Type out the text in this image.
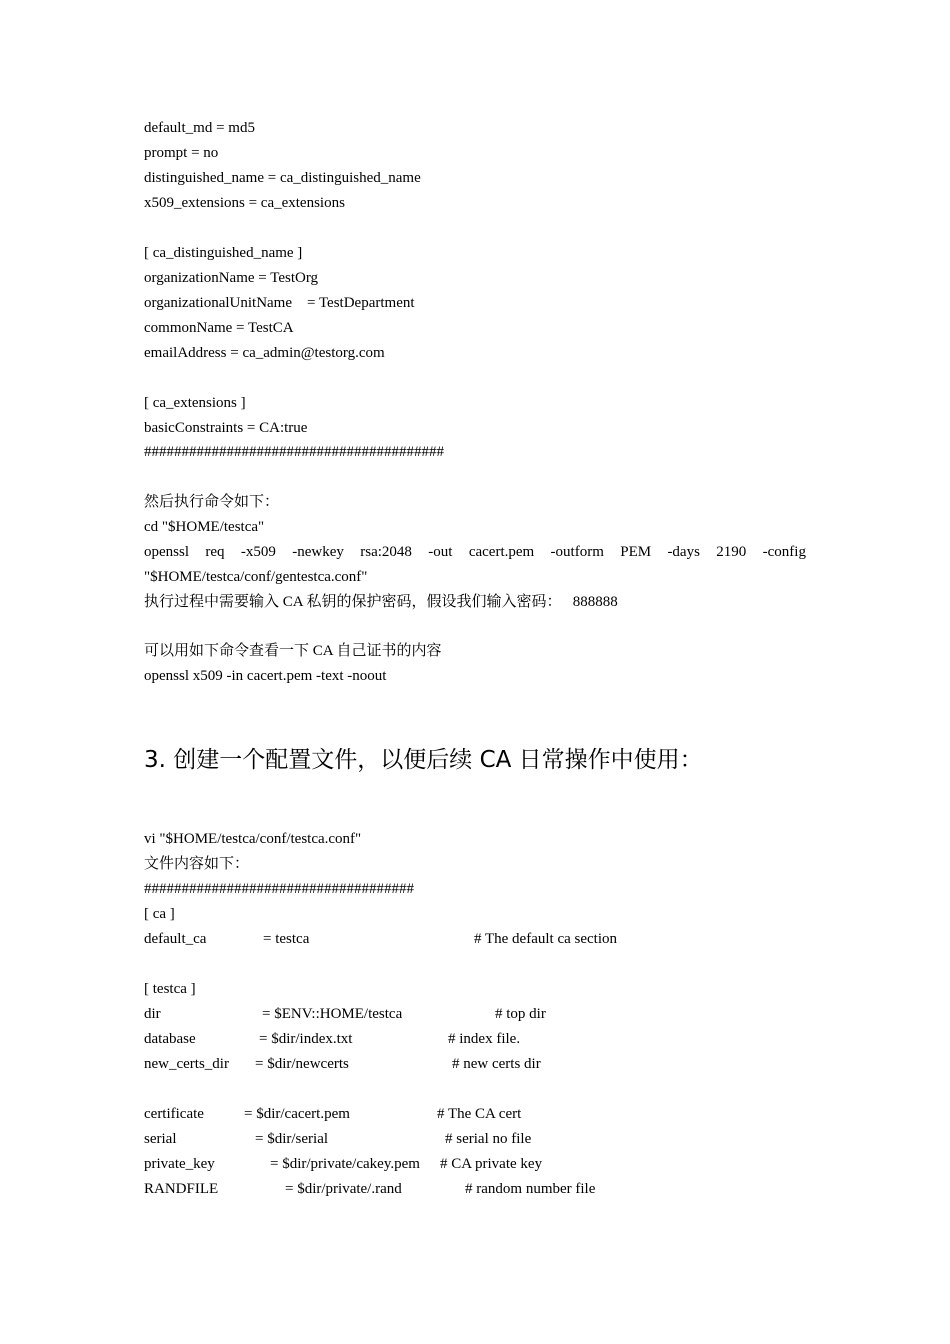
default_md = md5
prompt = no
distinguished_name = ca_distinguished_name
x509_extensions = ca_extensions
[ ca_distinguished_name ]
organizationName = TestOrg
organizationalUnitName    = TestDepartment
commonName = TestCA
emailAddress = ca_admin@testorg.com
[ ca_extensions ]
basicConstraints = CA:true
########################################
然后执行命令如下：
cd "$HOME/testca"
openssl req -x509 -newkey rsa:2048 -out cacert.pem -outform PEM -days 2190 -config
"$HOME/testca/conf/gentestca.conf"
执行过程中需要输入 CA 私钥的保护密码，假设我们输入密码：   888888
可以用如下命令查看一下 CA 自己证书的内容
openssl x509 -in cacert.pem -text -noout
3. 创建一个配置文件，以便后续 CA 日常操作中使用：
vi "$HOME/testca/conf/testca.conf"
文件内容如下：
####################################
[ ca ]
default_ca	= testca	# The default ca section
[ testca ]
dir	= $ENV::HOME/testca	# top dir
database	= $dir/index.txt	# index file.
new_certs_dir = $dir/newcerts	# new certs dir
certificate	= $dir/cacert.pem	# The CA cert
serial	= $dir/serial	# serial no file
private_key	= $dir/private/cakey.pem # CA private key
RANDFILE	= $dir/private/.rand	# random number file
